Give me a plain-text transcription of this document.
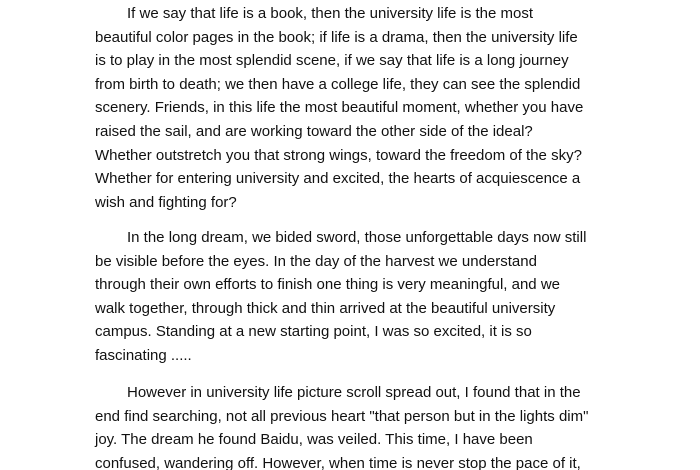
If we say that life is a book, then the university life is the most
beautiful color pages in the book; if life is a drama, then the university life
is to play in the most splendid scene, if we say that life is a long journey
from birth to death; we then have a college life, they can see the splendid
scenery. Friends, in this life the most beautiful moment, whether you have
raised the sail, and are working toward the other side of the ideal?
Whether outstretch you that strong wings, toward the freedom of the sky?
Whether for entering university and excited, the hearts of acquiescence a
wish and fighting for?
In the long dream, we bided sword, those unforgettable days now still
be visible before the eyes. In the day of the harvest we understand
through their own efforts to finish one thing is very meaningful, and we
walk together, through thick and thin arrived at the beautiful university
campus. Standing at a new starting point, I was so excited, it is so
fascinating .....
However in university life picture scroll spread out, I found that in the
end find searching, not all previous heart "that person but in the lights dim"
joy. The dream he found Baidu, was veiled. This time, I have been
confused, wandering off. However, when time is never stop the pace of it,
